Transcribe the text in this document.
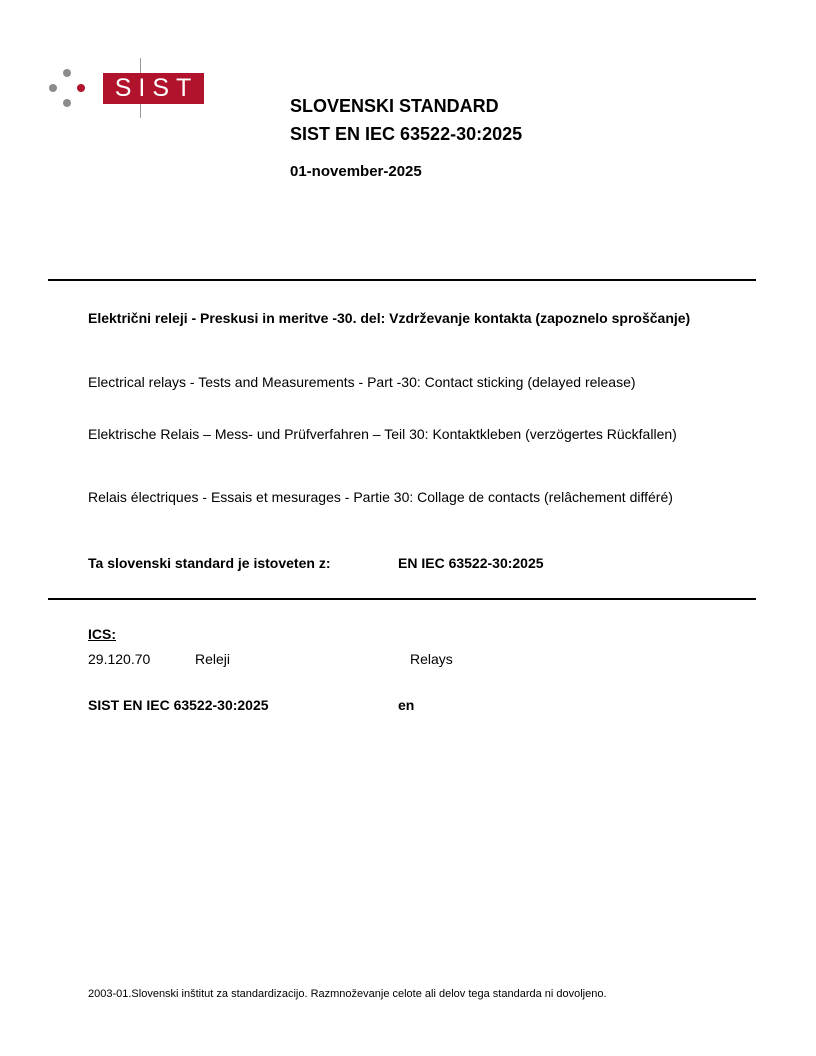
SIST
SLOVENSKI STANDARD
SIST EN IEC 63522-30:2025
01-november-2025
Električni releji - Preskusi in meritve -30. del: Vzdrževanje kontakta (zapoznelo sproščanje)
Electrical relays - Tests and Measurements - Part -30: Contact sticking (delayed release)
Elektrische Relais – Mess- und Prüfverfahren – Teil 30: Kontaktkleben (verzögertes Rückfallen)
Relais électriques - Essais et mesurages - Partie 30: Collage de contacts (relâchement différé)
Ta slovenski standard je istoveten z:	EN IEC 63522-30:2025
ICS:
29.120.70	Releji	Relays
SIST EN IEC 63522-30:2025	en
2003-01.Slovenski inštitut za standardizacijo. Razmnoževanje celote ali delov tega standarda ni dovoljeno.
